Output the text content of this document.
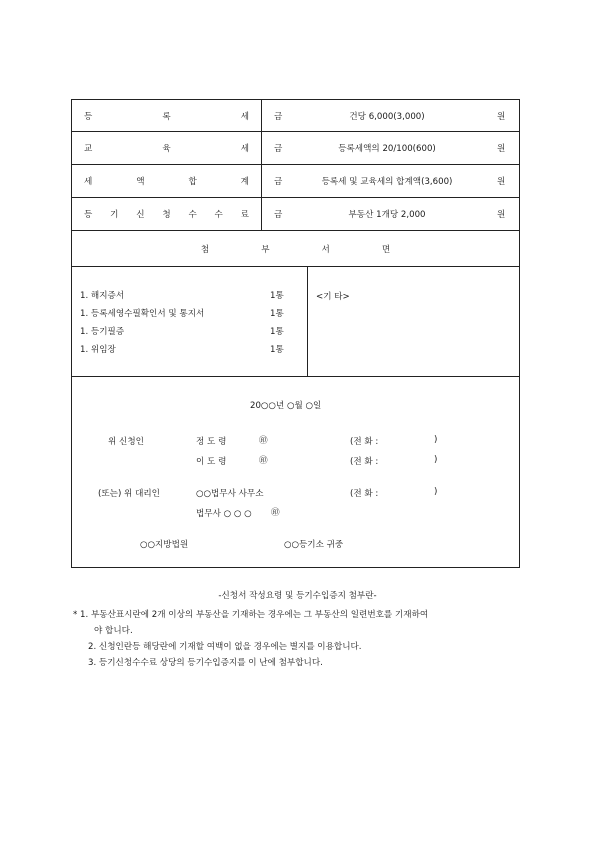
등	록	세	금	건당 6,000(3,000)	원
교	육	세	금	등록세액의 20/100(600)	원
세	액	합	계	금	등록세 및 교육세의 합계액(3,600)	원
등 기 신 청 수 수 료	금	부동산 1개당 2,000	원
첨	부	서	면
1. 해지증서	1통
1. 등록세영수필확인서 및 통지서	1통
1. 등기필증	1통
1. 위임장	1통
<기 타>
20○○년 ○월 ○일
위 신청인	정 도 령	㊞	(전 화 :	)
이 도 령	㊞	(전 화 :	)
(또는) 위 대리인	○○법무사 사무소	(전 화 :	)
법무사 ○ ○ ○ ㊞
○○지방법원	○○등기소 귀중
-신청서 작성요령 및 등기수입증지 첨부란-
* 1. 부동산표시란에 2개 이상의 부동산을 기재하는 경우에는 그 부동산의 일련번호를 기재하여
야 합니다.
2. 신청인란등 해당란에 기재할 여백이 없을 경우에는 별지를 이용합니다.
3. 등기신청수수료 상당의 등기수입증지를 이 난에 첨부합니다.
